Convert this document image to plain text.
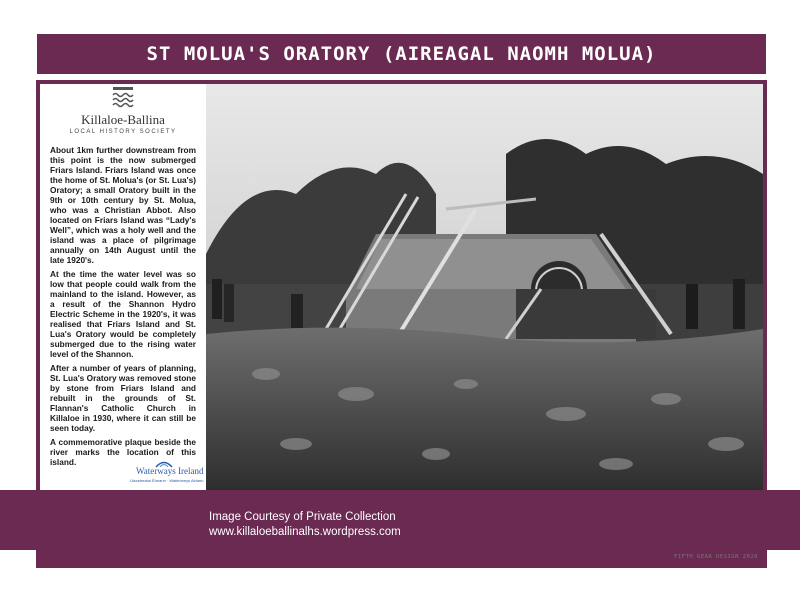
ST MOLUA'S ORATORY (AIREAGAL NAOMH MOLUA)
Killaloe-Ballina
LOCAL HISTORY SOCIETY

About 1km further downstream from this point is the now submerged Friars Island. Friars Island was once the home of St. Molua's (or St. Lua's) Oratory; a small Oratory built in the 9th or 10th century by St. Molua, who was a Christian Abbot. Also located on Friars Island was “Lady's Well”, which was a holy well and the island was a place of pilgrimage annually on 14th August until the late 1920's.

At the time the water level was so low that people could walk from the mainland to the island. However, as a result of the Shannon Hydro Electric Scheme in the 1920's, it was realised that Friars Island and St. Lua's Oratory would be completely submerged due to the rising water level of the Shannon.

After a number of years of planning, St. Lua's Oratory was removed stone by stone from Friars Island and rebuilt in the grounds of St. Flannan's Catholic Church in Killaloe in 1930, where it can still be seen today.

A commemorative plaque beside the river marks the location of this island.

Waterways Ireland
Uiscebealaí Éireann · Watterweys Airlann
Image Courtesy of Private Collection
www.killaloeballinalhs.wordpress.com
FIFTH GEAR DESIGN 2020
